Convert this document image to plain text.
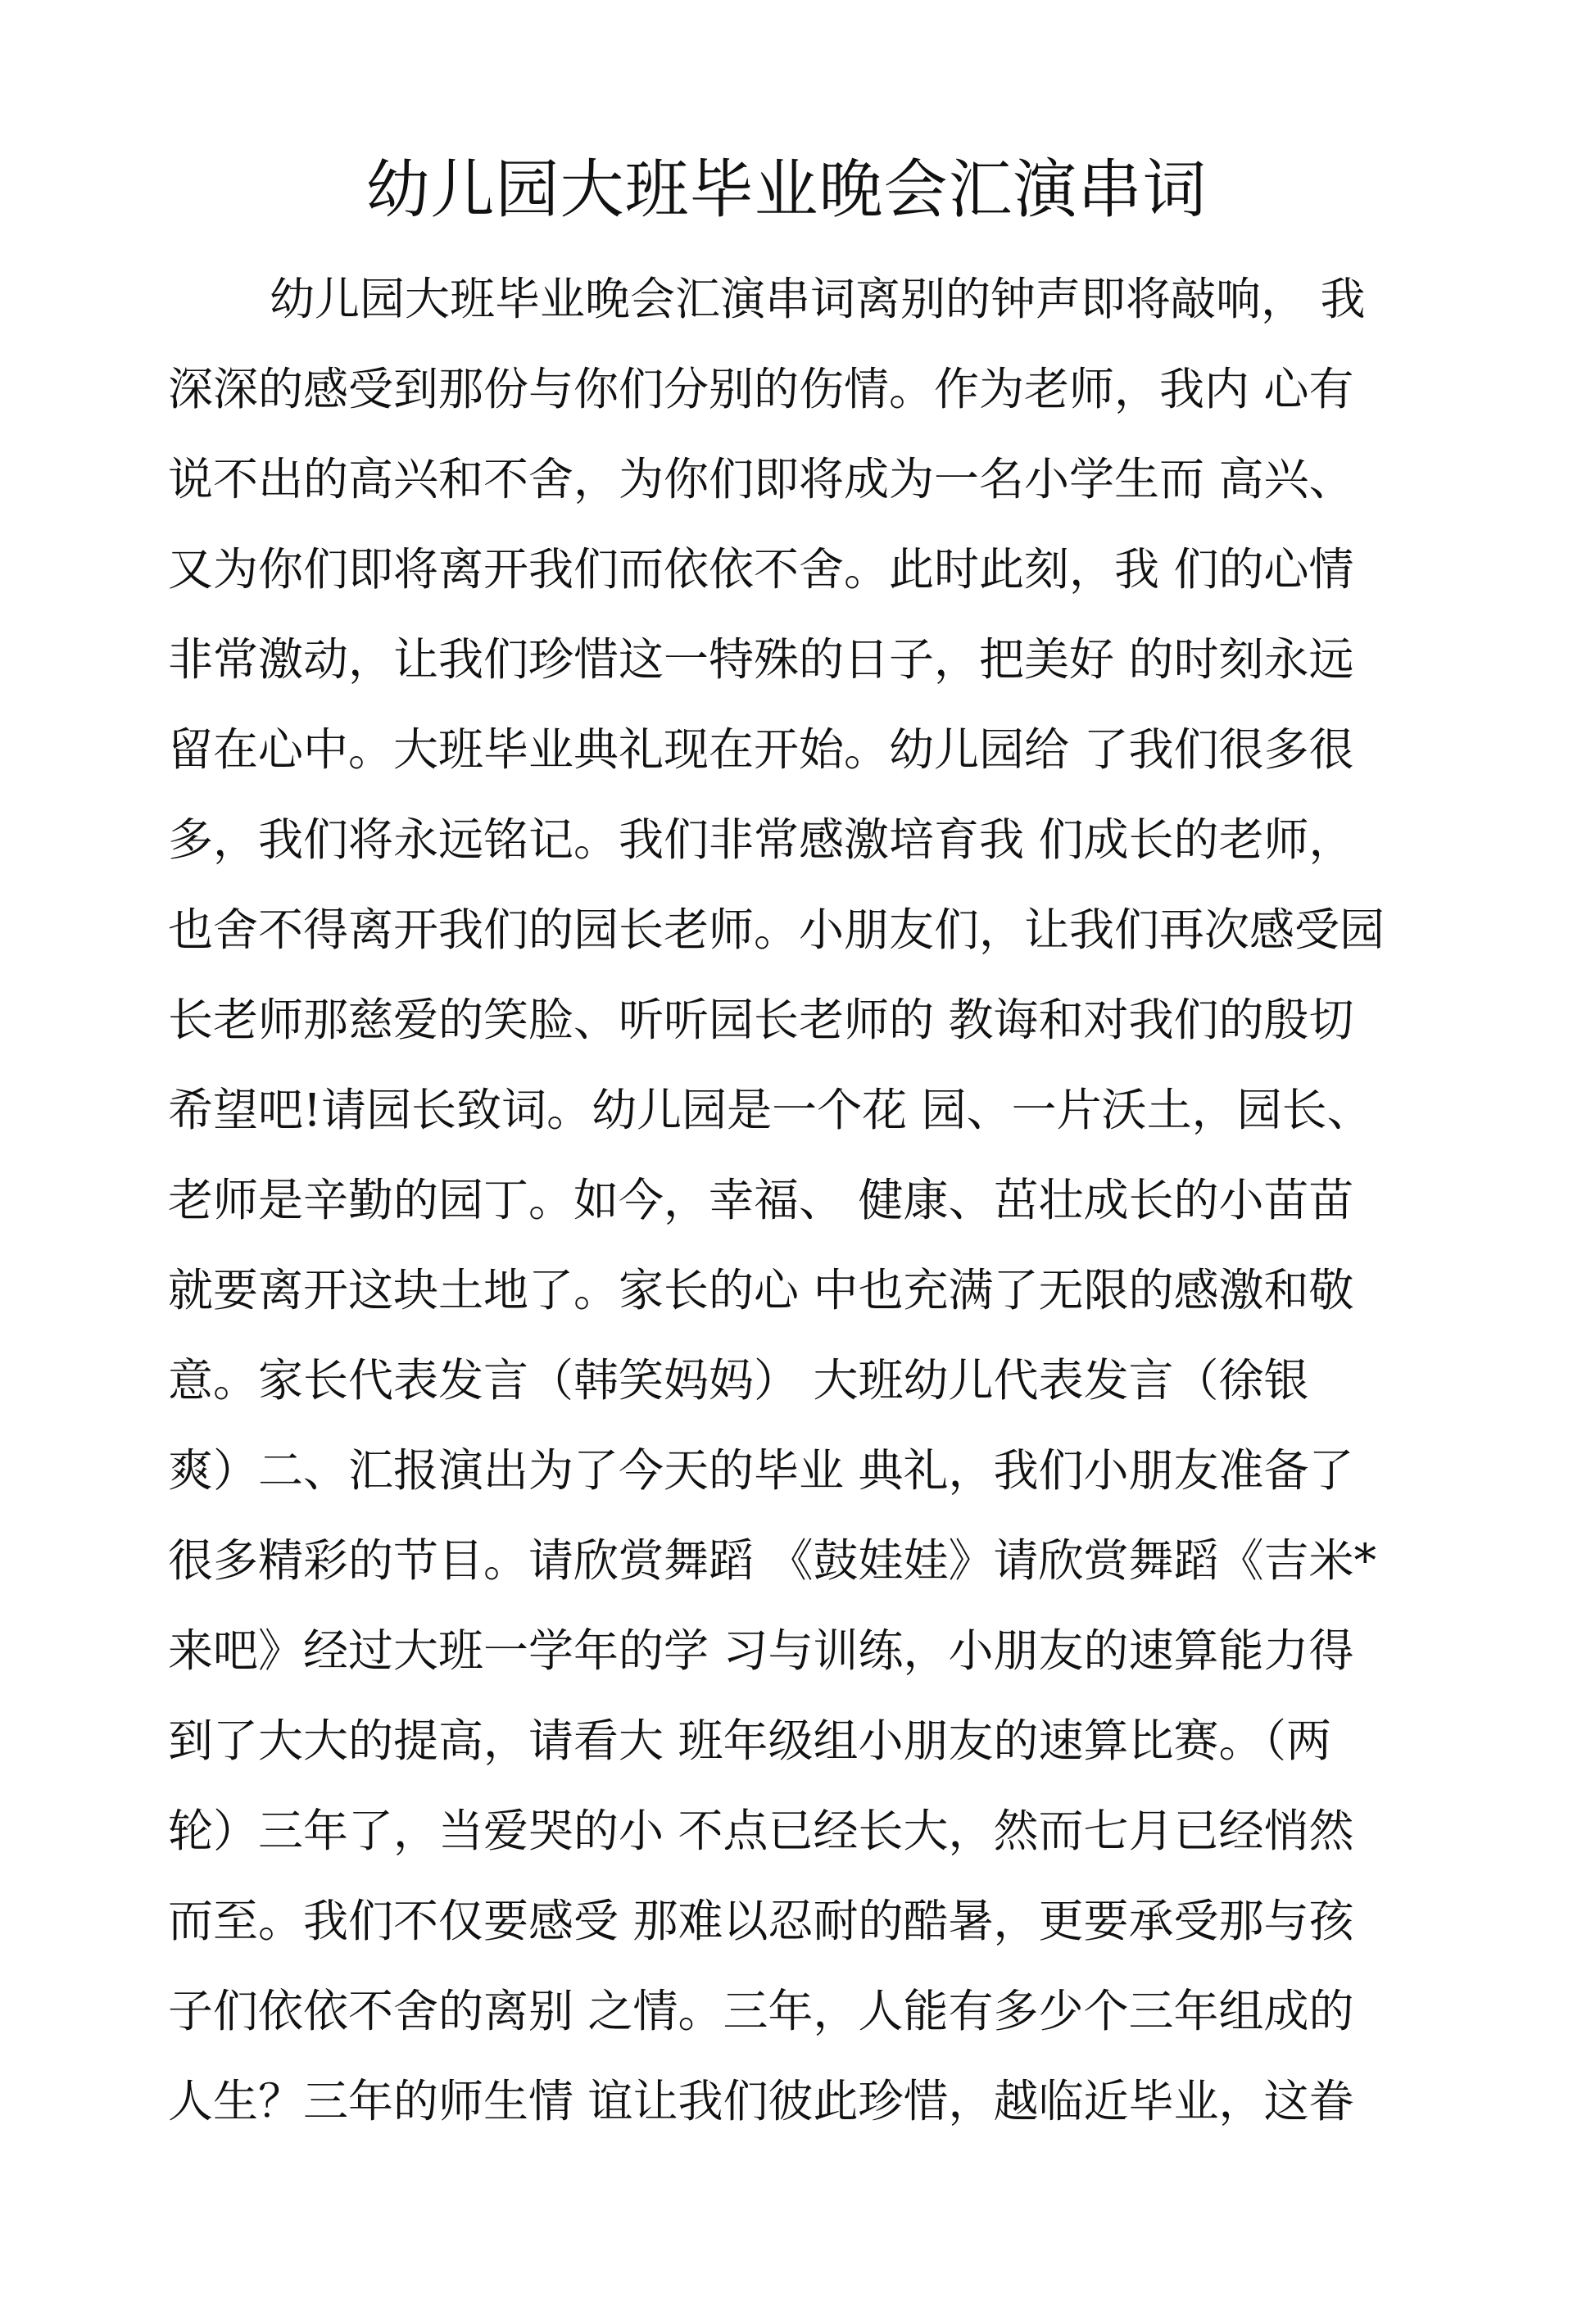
幼儿园大班毕业晚会汇演串词
幼儿园大班毕业晚会汇演串词离别的钟声即将敲响， 我
深深的感受到那份与你们分别的伤情。作为老师，我内 心有
说不出的高兴和不舍，为你们即将成为一名小学生而 高兴、
又为你们即将离开我们而依依不舍。此时此刻，我 们的心情
非常激动，让我们珍惜这一特殊的日子，把美好 的时刻永远
留在心中。大班毕业典礼现在开始。幼儿园给 了我们很多很
多，我们将永远铭记。我们非常感激培育我 们成长的老师，
也舍不得离开我们的园长老师。小朋友们，让我们再次感受园
长老师那慈爱的笑脸、听听园长老师的 教诲和对我们的殷切
希望吧!请园长致词。幼儿园是一个花 园、一片沃土，园长、
老师是辛勤的园丁。如今，幸福、 健康、茁壮成长的小苗苗
就要离开这块土地了。家长的心 中也充满了无限的感激和敬
意。家长代表发言（韩笑妈妈） 大班幼儿代表发言（徐银
爽）二、汇报演出为了今天的毕业 典礼，我们小朋友准备了
很多精彩的节目。请欣赏舞蹈 《鼓娃娃》请欣赏舞蹈《吉米*
来吧》经过大班一学年的学 习与训练，小朋友的速算能力得
到了大大的提高，请看大 班年级组小朋友的速算比赛。（两
轮）三年了，当爱哭的小 不点已经长大，然而七月已经悄然
而至。我们不仅要感受 那难以忍耐的酷暑，更要承受那与孩
子们依依不舍的离别 之情。三年，人能有多少个三年组成的
人生？三年的师生情 谊让我们彼此珍惜，越临近毕业，这眷
